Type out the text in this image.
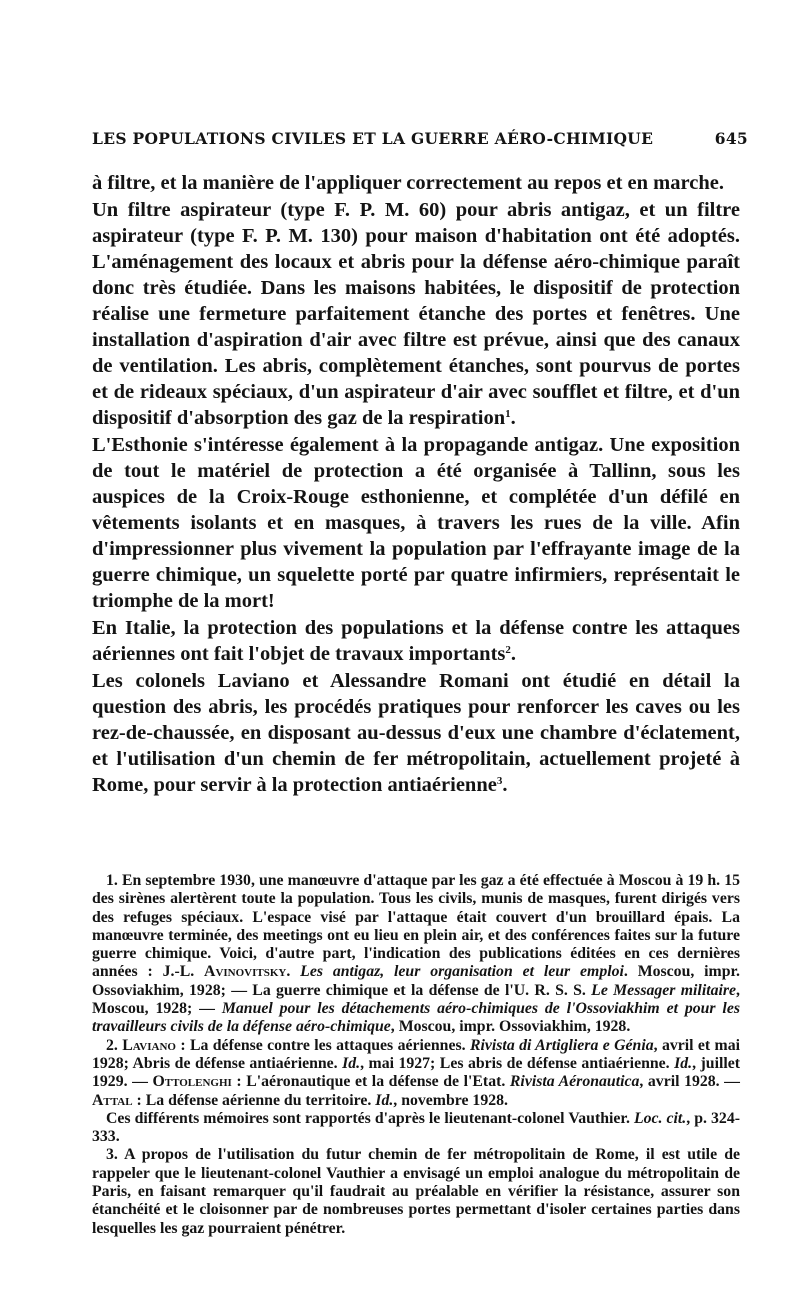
LES POPULATIONS CIVILES ET LA GUERRE AÉRO-CHIMIQUE	645

à filtre, et la manière de l'appliquer correctement au repos et en marche.

Un filtre aspirateur (type F. P. M. 60) pour abris antigaz, et un filtre aspirateur (type F. P. M. 130) pour maison d'habitation ont été adoptés. L'aménagement des locaux et abris pour la défense aéro-chimique paraît donc très étudiée. Dans les maisons habitées, le dispositif de protection réalise une fermeture parfaitement étanche des portes et fenêtres. Une installation d'aspiration d'air avec filtre est prévue, ainsi que des canaux de ventilation. Les abris, complètement étanches, sont pourvus de portes et de rideaux spéciaux, d'un aspirateur d'air avec soufflet et filtre, et d'un dispositif d'absorption des gaz de la respiration$^1$.

L'Esthonie s'intéresse également à la propagande antigaz. Une exposition de tout le matériel de protection a été organisée à Tallinn, sous les auspices de la Croix-Rouge esthonienne, et complétée d'un défilé en vêtements isolants et en masques, à travers les rues de la ville. Afin d'impressionner plus vivement la population par l'effrayante image de la guerre chimique, un squelette porté par quatre infirmiers, représentait le triomphe de la mort!

En Italie, la protection des populations et la défense contre les attaques aériennes ont fait l'objet de travaux importants$^2$.

Les colonels Laviano et Alessandre Romani ont étudié en détail la question des abris, les procédés pratiques pour renforcer les caves ou les rez-de-chaussée, en disposant au-dessus d'eux une chambre d'éclatement, et l'utilisation d'un chemin de fer métropolitain, actuellement projeté à Rome, pour servir à la protection antiaérienne$^3$.

1. En septembre 1930, une manœuvre d'attaque par les gaz a été effectuée à Moscou à 19 h. 15 des sirènes alertèrent toute la population. Tous les civils, munis de masques, furent dirigés vers des refuges spéciaux. L'espace visé par l'attaque était couvert d'un brouillard épais. La manœuvre terminée, des meetings ont eu lieu en plein air, et des conférences faites sur la future guerre chimique. Voici, d'autre part, l'indication des publications éditées en ces dernières années : J.-L. Avinovitsky. Les antigaz, leur organisation et leur emploi. Moscou, impr. Ossoviakhim, 1928; — La guerre chimique et la défense de l'U. R. S. S. Le Messager militaire, Moscou, 1928; — Manuel pour les détachements aéro-chimiques de l'Ossoviakhim et pour les travailleurs civils de la défense aéro-chimique, Moscou, impr. Ossoviakhim, 1928.

2. Laviano : La défense contre les attaques aériennes. Rivista di Artigliera e Génia, avril et mai 1928; Abris de défense antiaérienne. Id., mai 1927; Les abris de défense antiaérienne. Id., juillet 1929. — Ottolenghi : L'aéronautique et la défense de l'Etat. Rivista Aéronautica, avril 1928. — Attal : La défense aérienne du territoire. Id., novembre 1928.

Ces différents mémoires sont rapportés d'après le lieutenant-colonel Vauthier. Loc. cit., p. 324-333.

3. A propos de l'utilisation du futur chemin de fer métropolitain de Rome, il est utile de rappeler que le lieutenant-colonel Vauthier a envisagé un emploi analogue du métropolitain de Paris, en faisant remarquer qu'il faudrait au préalable en vérifier la résistance, assurer son étanchéité et le cloisonner par de nombreuses portes permettant d'isoler certaines parties dans lesquelles les gaz pourraient pénétrer.
